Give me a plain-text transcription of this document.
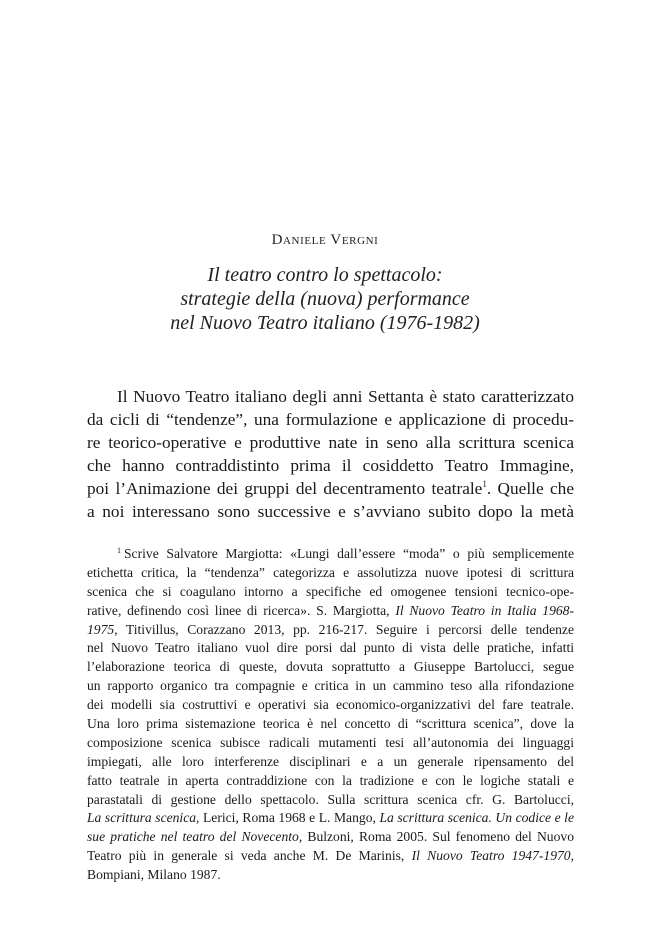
Daniele Vergni
Il teatro contro lo spettacolo:
strategie della (nuova) performance
nel Nuovo Teatro italiano (1976-1982)
Il Nuovo Teatro italiano degli anni Settanta è stato caratterizzato
da cicli di “tendenze”, una formulazione e applicazione di procedu-
re teorico-operative e produttive nate in seno alla scrittura scenica
che hanno contraddistinto prima il cosiddetto Teatro Immagine,
poi l’Animazione dei gruppi del decentramento teatrale$^1$. Quelle che
a noi interessano sono successive e s’avviano subito dopo la metà
$^1$ Scrive Salvatore Margiotta: «Lungi dall’essere “moda” o più semplicemente
etichetta critica, la “tendenza” categorizza e assolutizza nuove ipotesi di scrittura
scenica che si coagulano intorno a specifiche ed omogenee tensioni tecnico-ope-
rative, definendo così linee di ricerca». S. Margiotta, Il Nuovo Teatro in Italia 1968-
1975, Titivillus, Corazzano 2013, pp. 216-217. Seguire i percorsi delle tendenze
nel Nuovo Teatro italiano vuol dire porsi dal punto di vista delle pratiche, infatti
l’elaborazione teorica di queste, dovuta soprattutto a Giuseppe Bartolucci, segue
un rapporto organico tra compagnie e critica in un cammino teso alla rifondazione
dei modelli sia costruttivi e operativi sia economico-organizzativi del fare teatrale.
Una loro prima sistemazione teorica è nel concetto di “scrittura scenica”, dove la
composizione scenica subisce radicali mutamenti tesi all’autonomia dei linguaggi
impiegati, alle loro interferenze disciplinari e a un generale ripensamento del
fatto teatrale in aperta contraddizione con la tradizione e con le logiche statali e
parastatali di gestione dello spettacolo. Sulla scrittura scenica cfr. G. Bartolucci,
La scrittura scenica, Lerici, Roma 1968 e L. Mango, La scrittura scenica. Un codice e le
sue pratiche nel teatro del Novecento, Bulzoni, Roma 2005. Sul fenomeno del Nuovo
Teatro più in generale si veda anche M. De Marinis, Il Nuovo Teatro 1947-1970,
Bompiani, Milano 1987.
